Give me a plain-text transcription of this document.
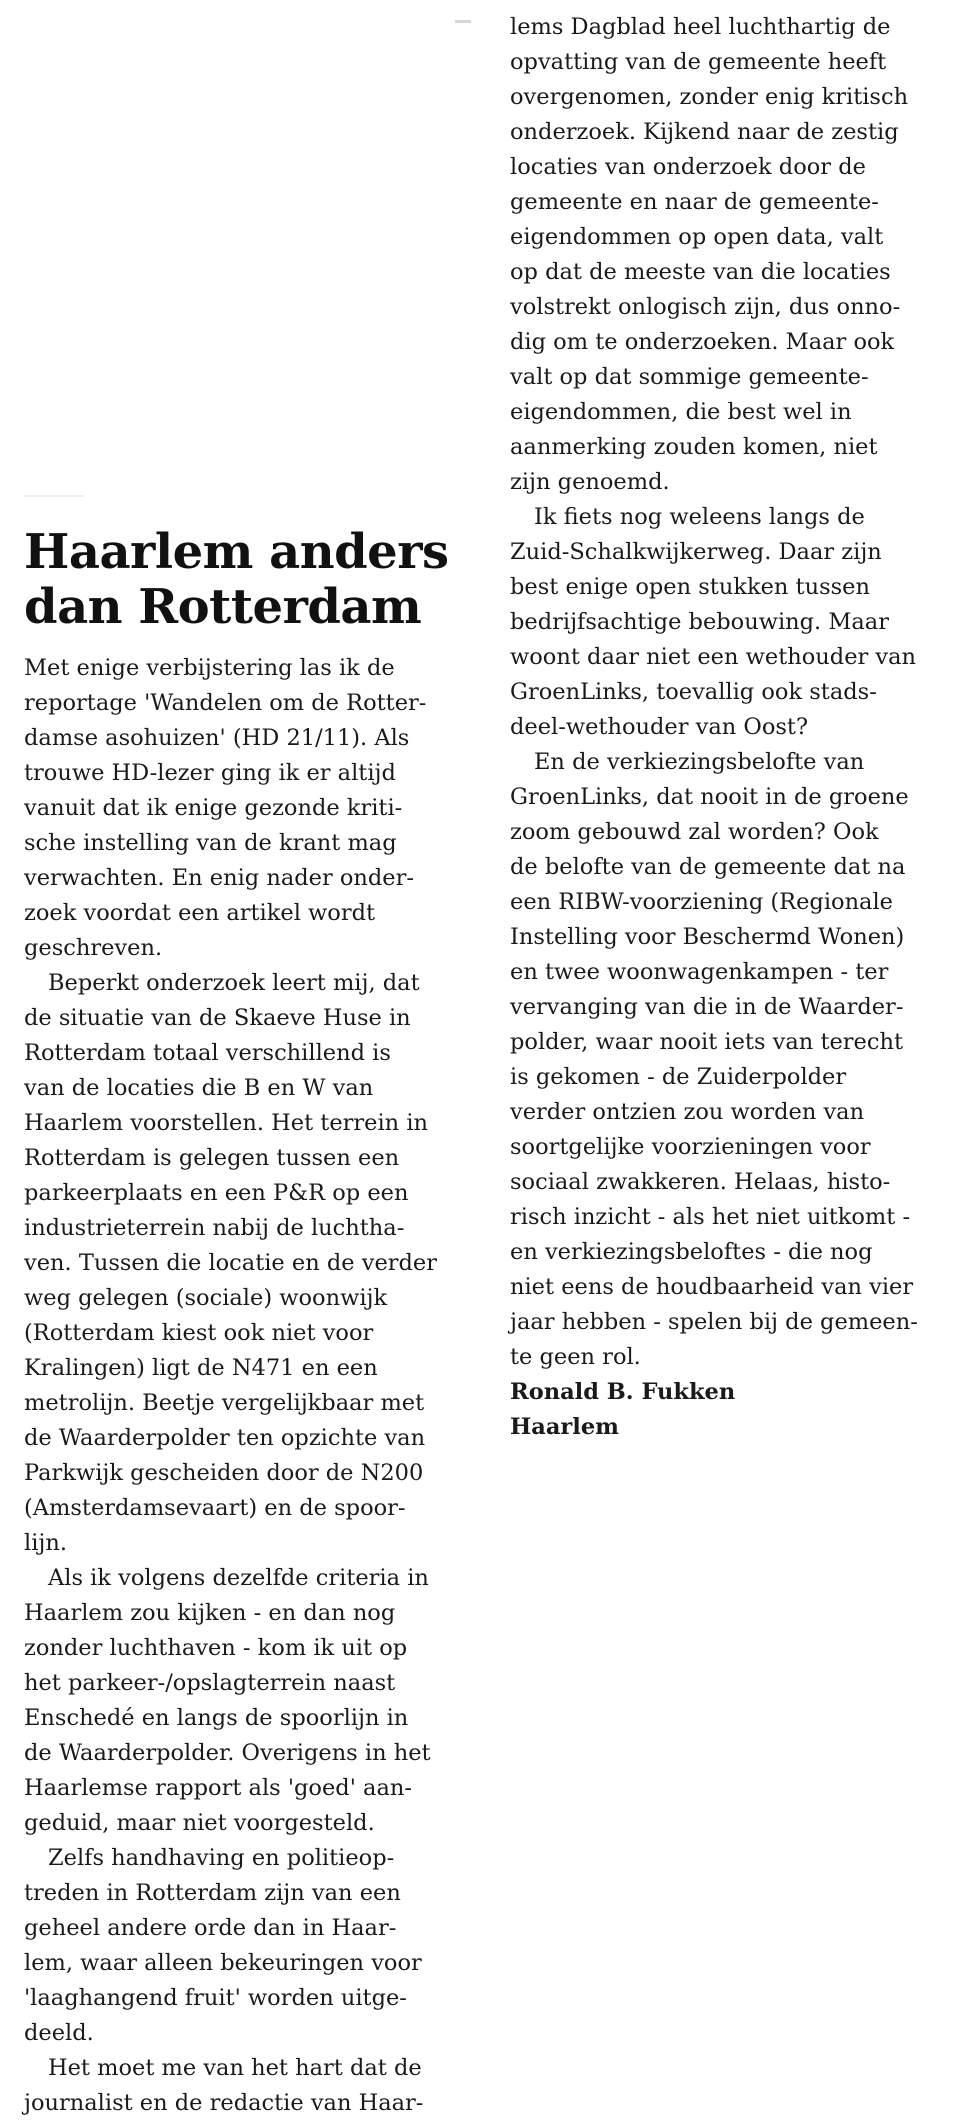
Haarlem anders
dan Rotterdam
Met enige verbijstering las ik de
reportage 'Wandelen om de Rotter-
damse asohuizen' (HD 21/11). Als
trouwe HD-lezer ging ik er altijd
vanuit dat ik enige gezonde kriti-
sche instelling van de krant mag
verwachten. En enig nader onder-
zoek voordat een artikel wordt
geschreven.
Beperkt onderzoek leert mij, dat
de situatie van de Skaeve Huse in
Rotterdam totaal verschillend is
van de locaties die B en W van
Haarlem voorstellen. Het terrein in
Rotterdam is gelegen tussen een
parkeerplaats en een P&R op een
industrieterrein nabij de luchtha-
ven. Tussen die locatie en de verder
weg gelegen (sociale) woonwijk
(Rotterdam kiest ook niet voor
Kralingen) ligt de N471 en een
metrolijn. Beetje vergelijkbaar met
de Waarderpolder ten opzichte van
Parkwijk gescheiden door de N200
(Amsterdamsevaart) en de spoor-
lijn.
Als ik volgens dezelfde criteria in
Haarlem zou kijken - en dan nog
zonder luchthaven - kom ik uit op
het parkeer-/opslagterrein naast
Enschedé en langs de spoorlijn in
de Waarderpolder. Overigens in het
Haarlemse rapport als 'goed' aan-
geduid, maar niet voorgesteld.
Zelfs handhaving en politieop-
treden in Rotterdam zijn van een
geheel andere orde dan in Haar-
lem, waar alleen bekeuringen voor
'laaghangend fruit' worden uitge-
deeld.
Het moet me van het hart dat de
journalist en de redactie van Haar-
lems Dagblad heel luchthartig de
opvatting van de gemeente heeft
overgenomen, zonder enig kritisch
onderzoek. Kijkend naar de zestig
locaties van onderzoek door de
gemeente en naar de gemeente-
eigendommen op open data, valt
op dat de meeste van die locaties
volstrekt onlogisch zijn, dus onno-
dig om te onderzoeken. Maar ook
valt op dat sommige gemeente-
eigendommen, die best wel in
aanmerking zouden komen, niet
zijn genoemd.
Ik fiets nog weleens langs de
Zuid-Schalkwijkerweg. Daar zijn
best enige open stukken tussen
bedrijfsachtige bebouwing. Maar
woont daar niet een wethouder van
GroenLinks, toevallig ook stads-
deel-wethouder van Oost?
En de verkiezingsbelofte van
GroenLinks, dat nooit in de groene
zoom gebouwd zal worden? Ook
de belofte van de gemeente dat na
een RIBW-voorziening (Regionale
Instelling voor Beschermd Wonen)
en twee woonwagenkampen - ter
vervanging van die in de Waarder-
polder, waar nooit iets van terecht
is gekomen - de Zuiderpolder
verder ontzien zou worden van
soortgelijke voorzieningen voor
sociaal zwakkeren. Helaas, histo-
risch inzicht - als het niet uitkomt -
en verkiezingsbeloftes - die nog
niet eens de houdbaarheid van vier
jaar hebben - spelen bij de gemeen-
te geen rol.
Ronald B. Fukken
Haarlem
